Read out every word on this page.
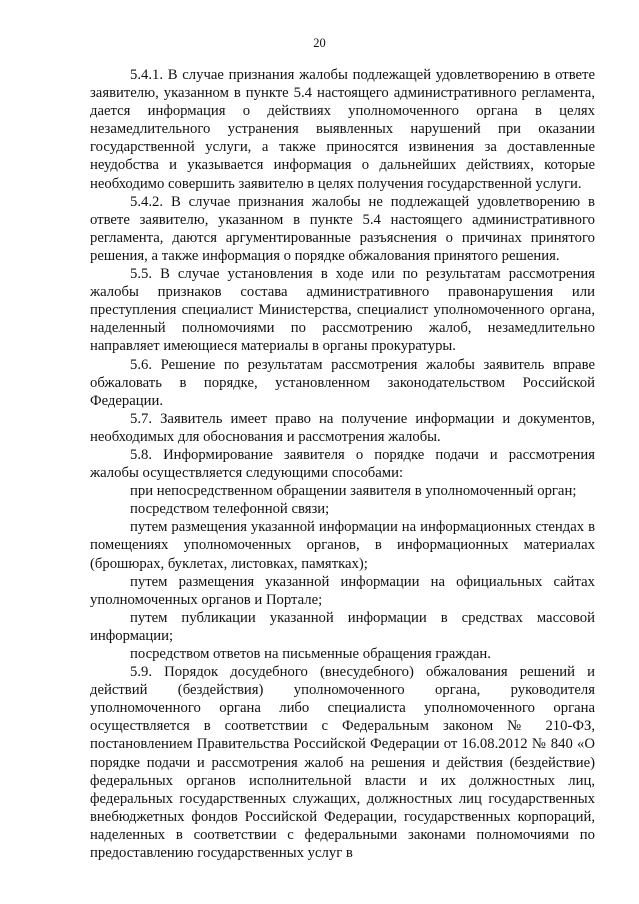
20

5.4.1. В случае признания жалобы подлежащей удовлетворению в ответе заявителю, указанном в пункте 5.4 настоящего административного регламента, дается информация о действиях уполномоченного органа в целях незамедлительного устранения выявленных нарушений при оказании государственной услуги, а также приносятся извинения за доставленные неудобства и указывается информация о дальнейших действиях, которые необходимо совершить заявителю в целях получения государственной услуги.

5.4.2. В случае признания жалобы не подлежащей удовлетворению в ответе заявителю, указанном в пункте 5.4 настоящего административного регламента, даются аргументированные разъяснения о причинах принятого решения, а также информация о порядке обжалования принятого решения.

5.5. В случае установления в ходе или по результатам рассмотрения жалобы признаков состава административного правонарушения или преступления специалист Министерства, специалист уполномоченного органа, наделенный полномочиями по рассмотрению жалоб, незамедлительно направляет имеющиеся материалы в органы прокуратуры.

5.6. Решение по результатам рассмотрения жалобы заявитель вправе обжаловать в порядке, установленном законодательством Российской Федерации.

5.7. Заявитель имеет право на получение информации и документов, необходимых для обоснования и рассмотрения жалобы.

5.8. Информирование заявителя о порядке подачи и рассмотрения жалобы осуществляется следующими способами:

при непосредственном обращении заявителя в уполномоченный орган;

посредством телефонной связи;

путем размещения указанной информации на информационных стендах в помещениях уполномоченных органов, в информационных материалах (брошюрах, буклетах, листовках, памятках);

путем размещения указанной информации на официальных сайтах уполномоченных органов и Портале;

путем публикации указанной информации в средствах массовой информации;

посредством ответов на письменные обращения граждан.

5.9. Порядок досудебного (внесудебного) обжалования решений и действий (бездействия) уполномоченного органа, руководителя уполномоченного органа либо специалиста уполномоченного органа осуществляется в соответствии с Федеральным законом № 210-ФЗ, постановлением Правительства Российской Федерации от 16.08.2012 № 840 «О порядке подачи и рассмотрения жалоб на решения и действия (бездействие) федеральных органов исполнительной власти и их должностных лиц, федеральных государственных служащих, должностных лиц государственных внебюджетных фондов Российской Федерации, государственных корпораций, наделенных в соответствии с федеральными законами полномочиями по предоставлению государственных услуг в
